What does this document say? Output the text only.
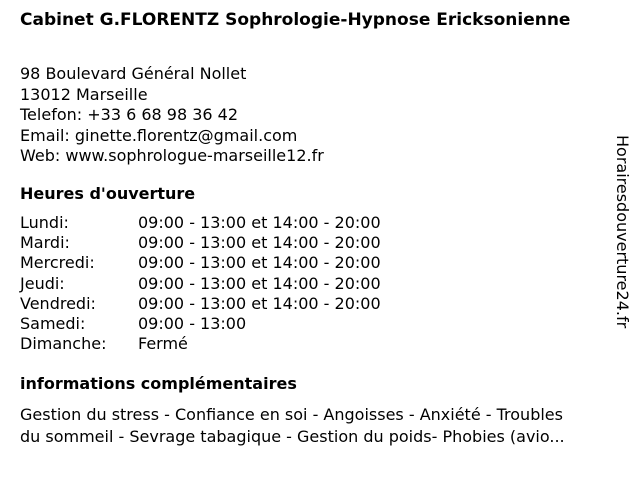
Cabinet G.FLORENTZ Sophrologie-Hypnose Ericksonienne
98 Boulevard Général Nollet
13012 Marseille
Telefon: +33 6 68 98 36 42
Email: ginette.florentz@gmail.com
Web: www.sophrologue-marseille12.fr
Heures d'ouverture
Lundi:	09:00 - 13:00 et 14:00 - 20:00
Mardi:	09:00 - 13:00 et 14:00 - 20:00
Mercredi:	09:00 - 13:00 et 14:00 - 20:00
Jeudi:	09:00 - 13:00 et 14:00 - 20:00
Vendredi:	09:00 - 13:00 et 14:00 - 20:00
Samedi:	09:00 - 13:00
Dimanche:	Fermé
informations complémentaires
Gestion du stress - Confiance en soi - Angoisses - Anxiété - Troubles
du sommeil - Sevrage tabagique - Gestion du poids- Phobies (avio...
Horairesdouverture24.fr
